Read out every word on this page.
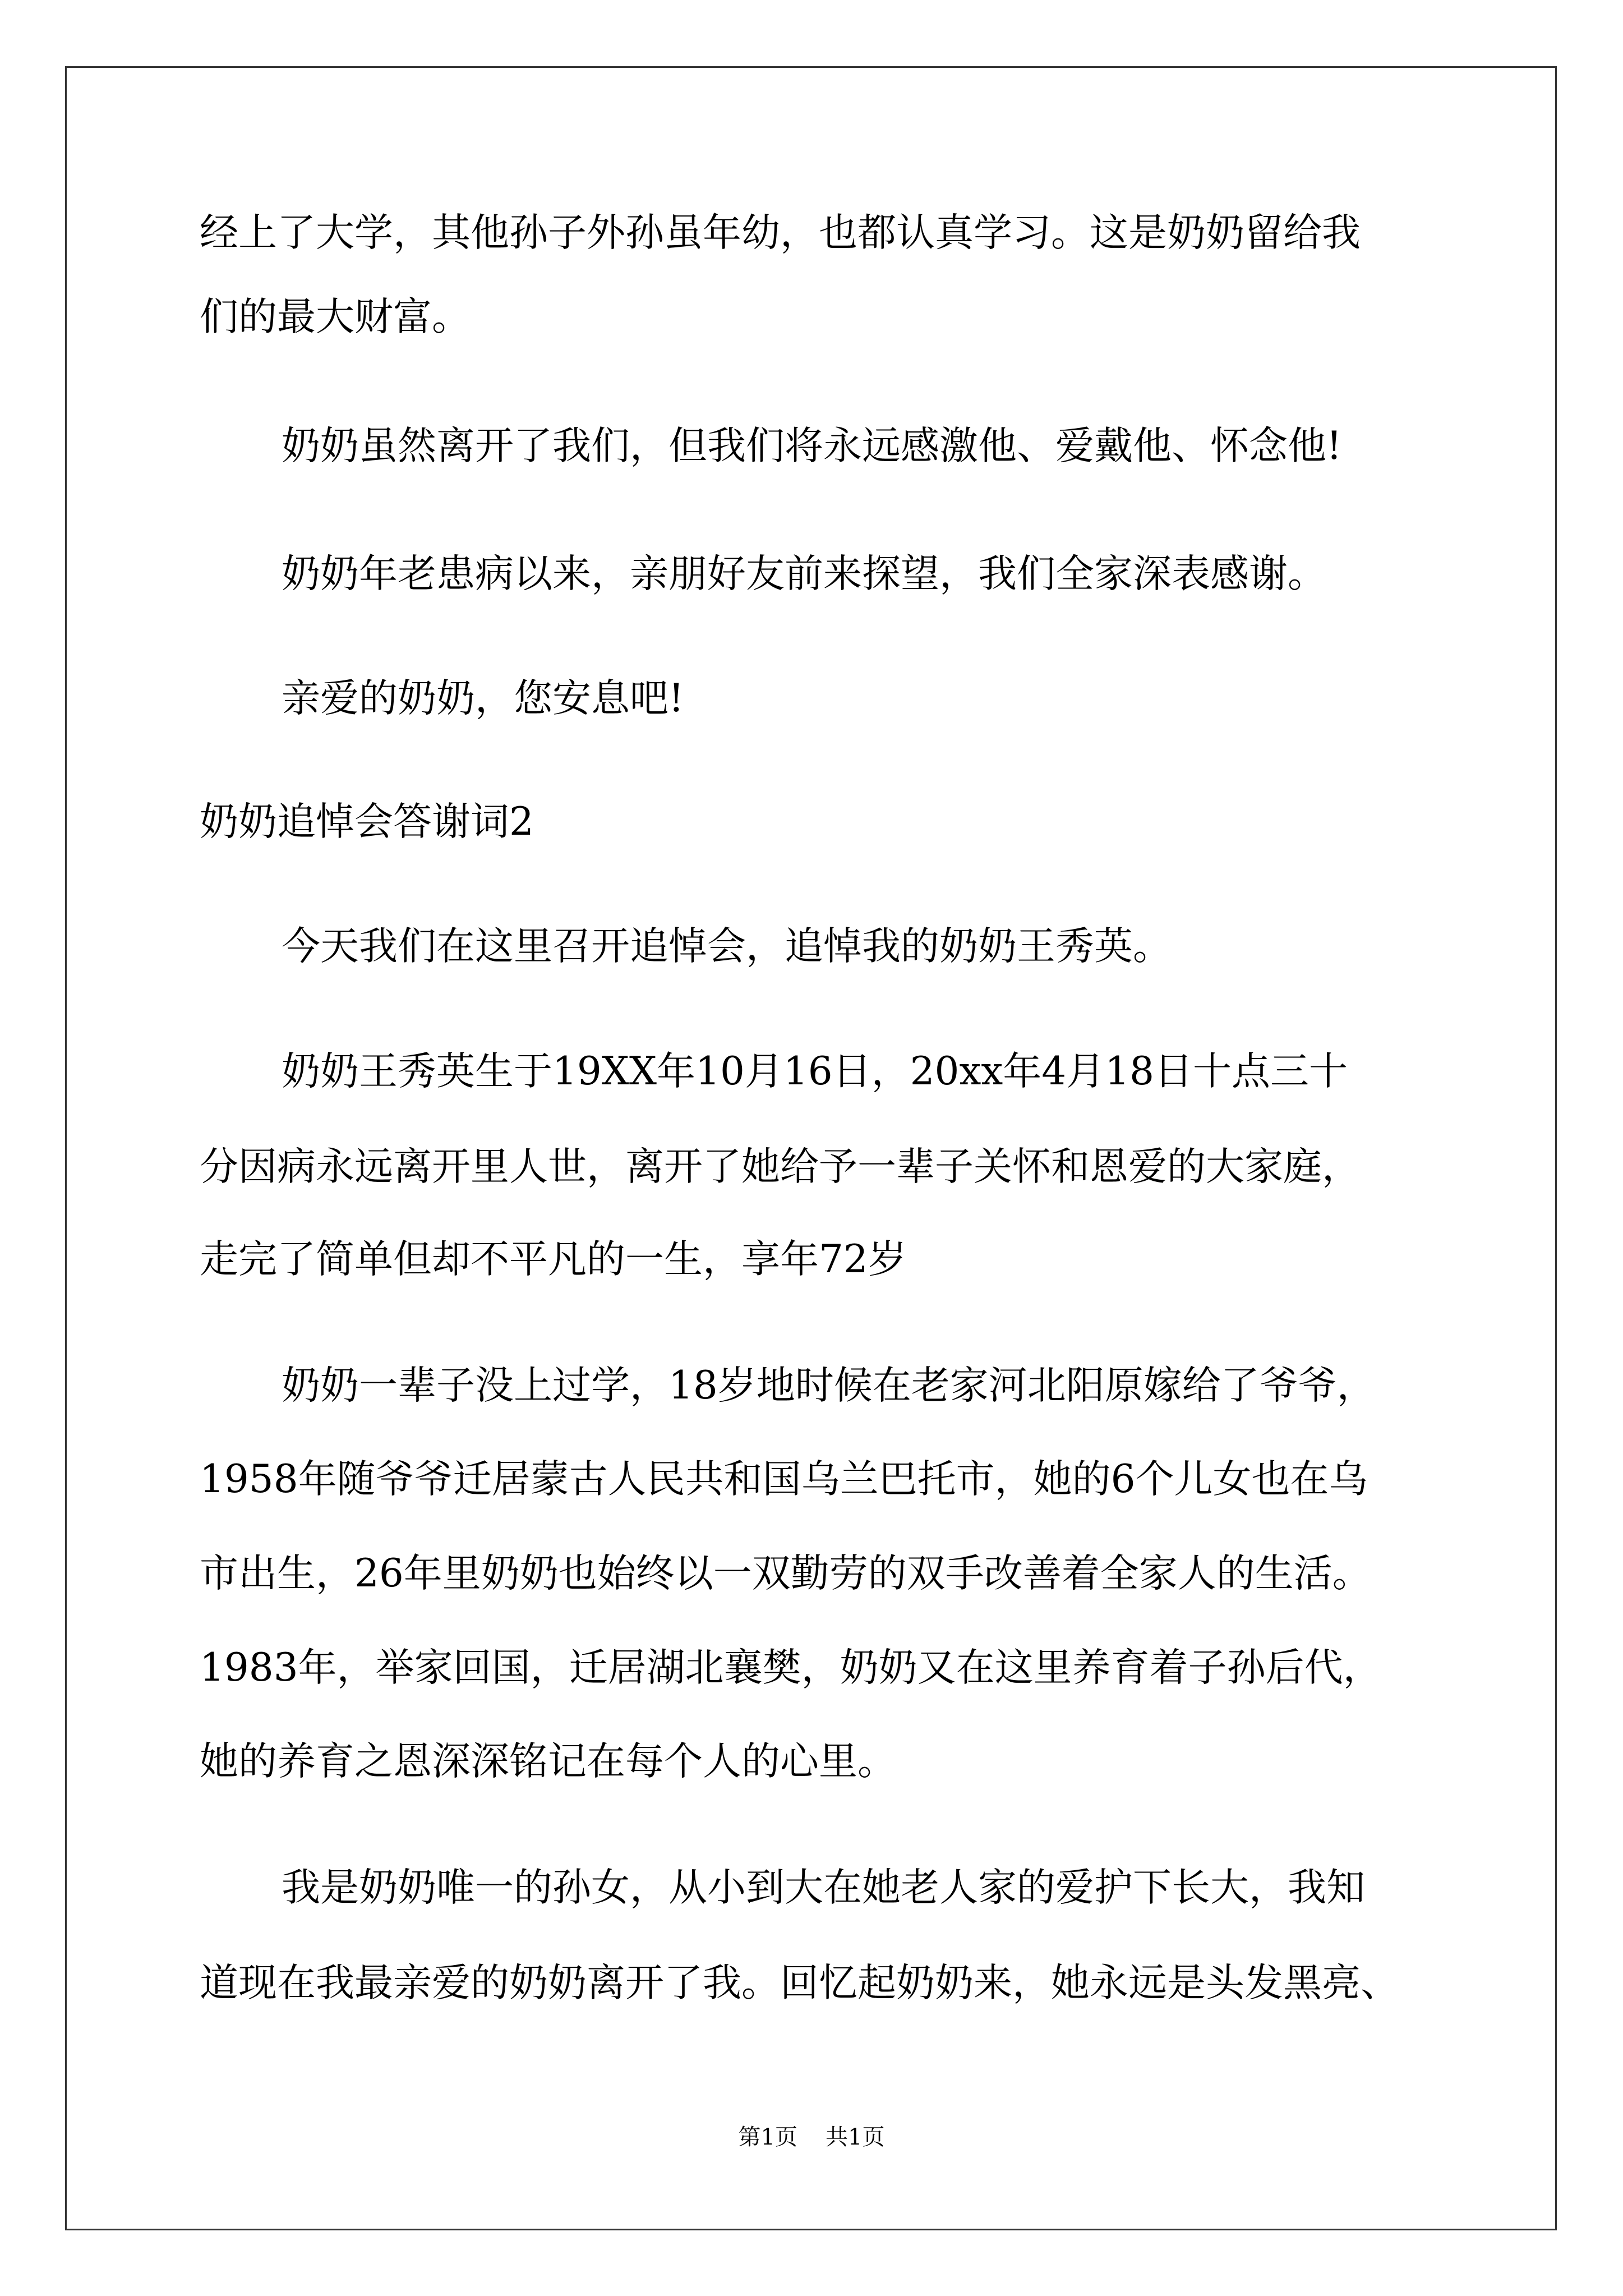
经上了大学，其他孙子外孙虽年幼，也都认真学习。这是奶奶留给我
们的最大财富。
奶奶虽然离开了我们，但我们将永远感激他、爱戴他、怀念他!
奶奶年老患病以来，亲朋好友前来探望，我们全家深表感谢。
亲爱的奶奶，您安息吧!
奶奶追悼会答谢词2
今天我们在这里召开追悼会，追悼我的奶奶王秀英。
奶奶王秀英生于19XX年10月16日，20xx年4月18日十点三十
分因病永远离开里人世，离开了她给予一辈子关怀和恩爱的大家庭，
走完了简单但却不平凡的一生，享年72岁
奶奶一辈子没上过学，18岁地时候在老家河北阳原嫁给了爷爷，
1958年随爷爷迁居蒙古人民共和国乌兰巴托市，她的6个儿女也在乌
市出生，26年里奶奶也始终以一双勤劳的双手改善着全家人的生活。
1983年，举家回国，迁居湖北襄樊，奶奶又在这里养育着子孙后代，
她的养育之恩深深铭记在每个人的心里。
我是奶奶唯一的孙女，从小到大在她老人家的爱护下长大，我知
道现在我最亲爱的奶奶离开了我。回忆起奶奶来，她永远是头发黑亮、
第1页 共1页
